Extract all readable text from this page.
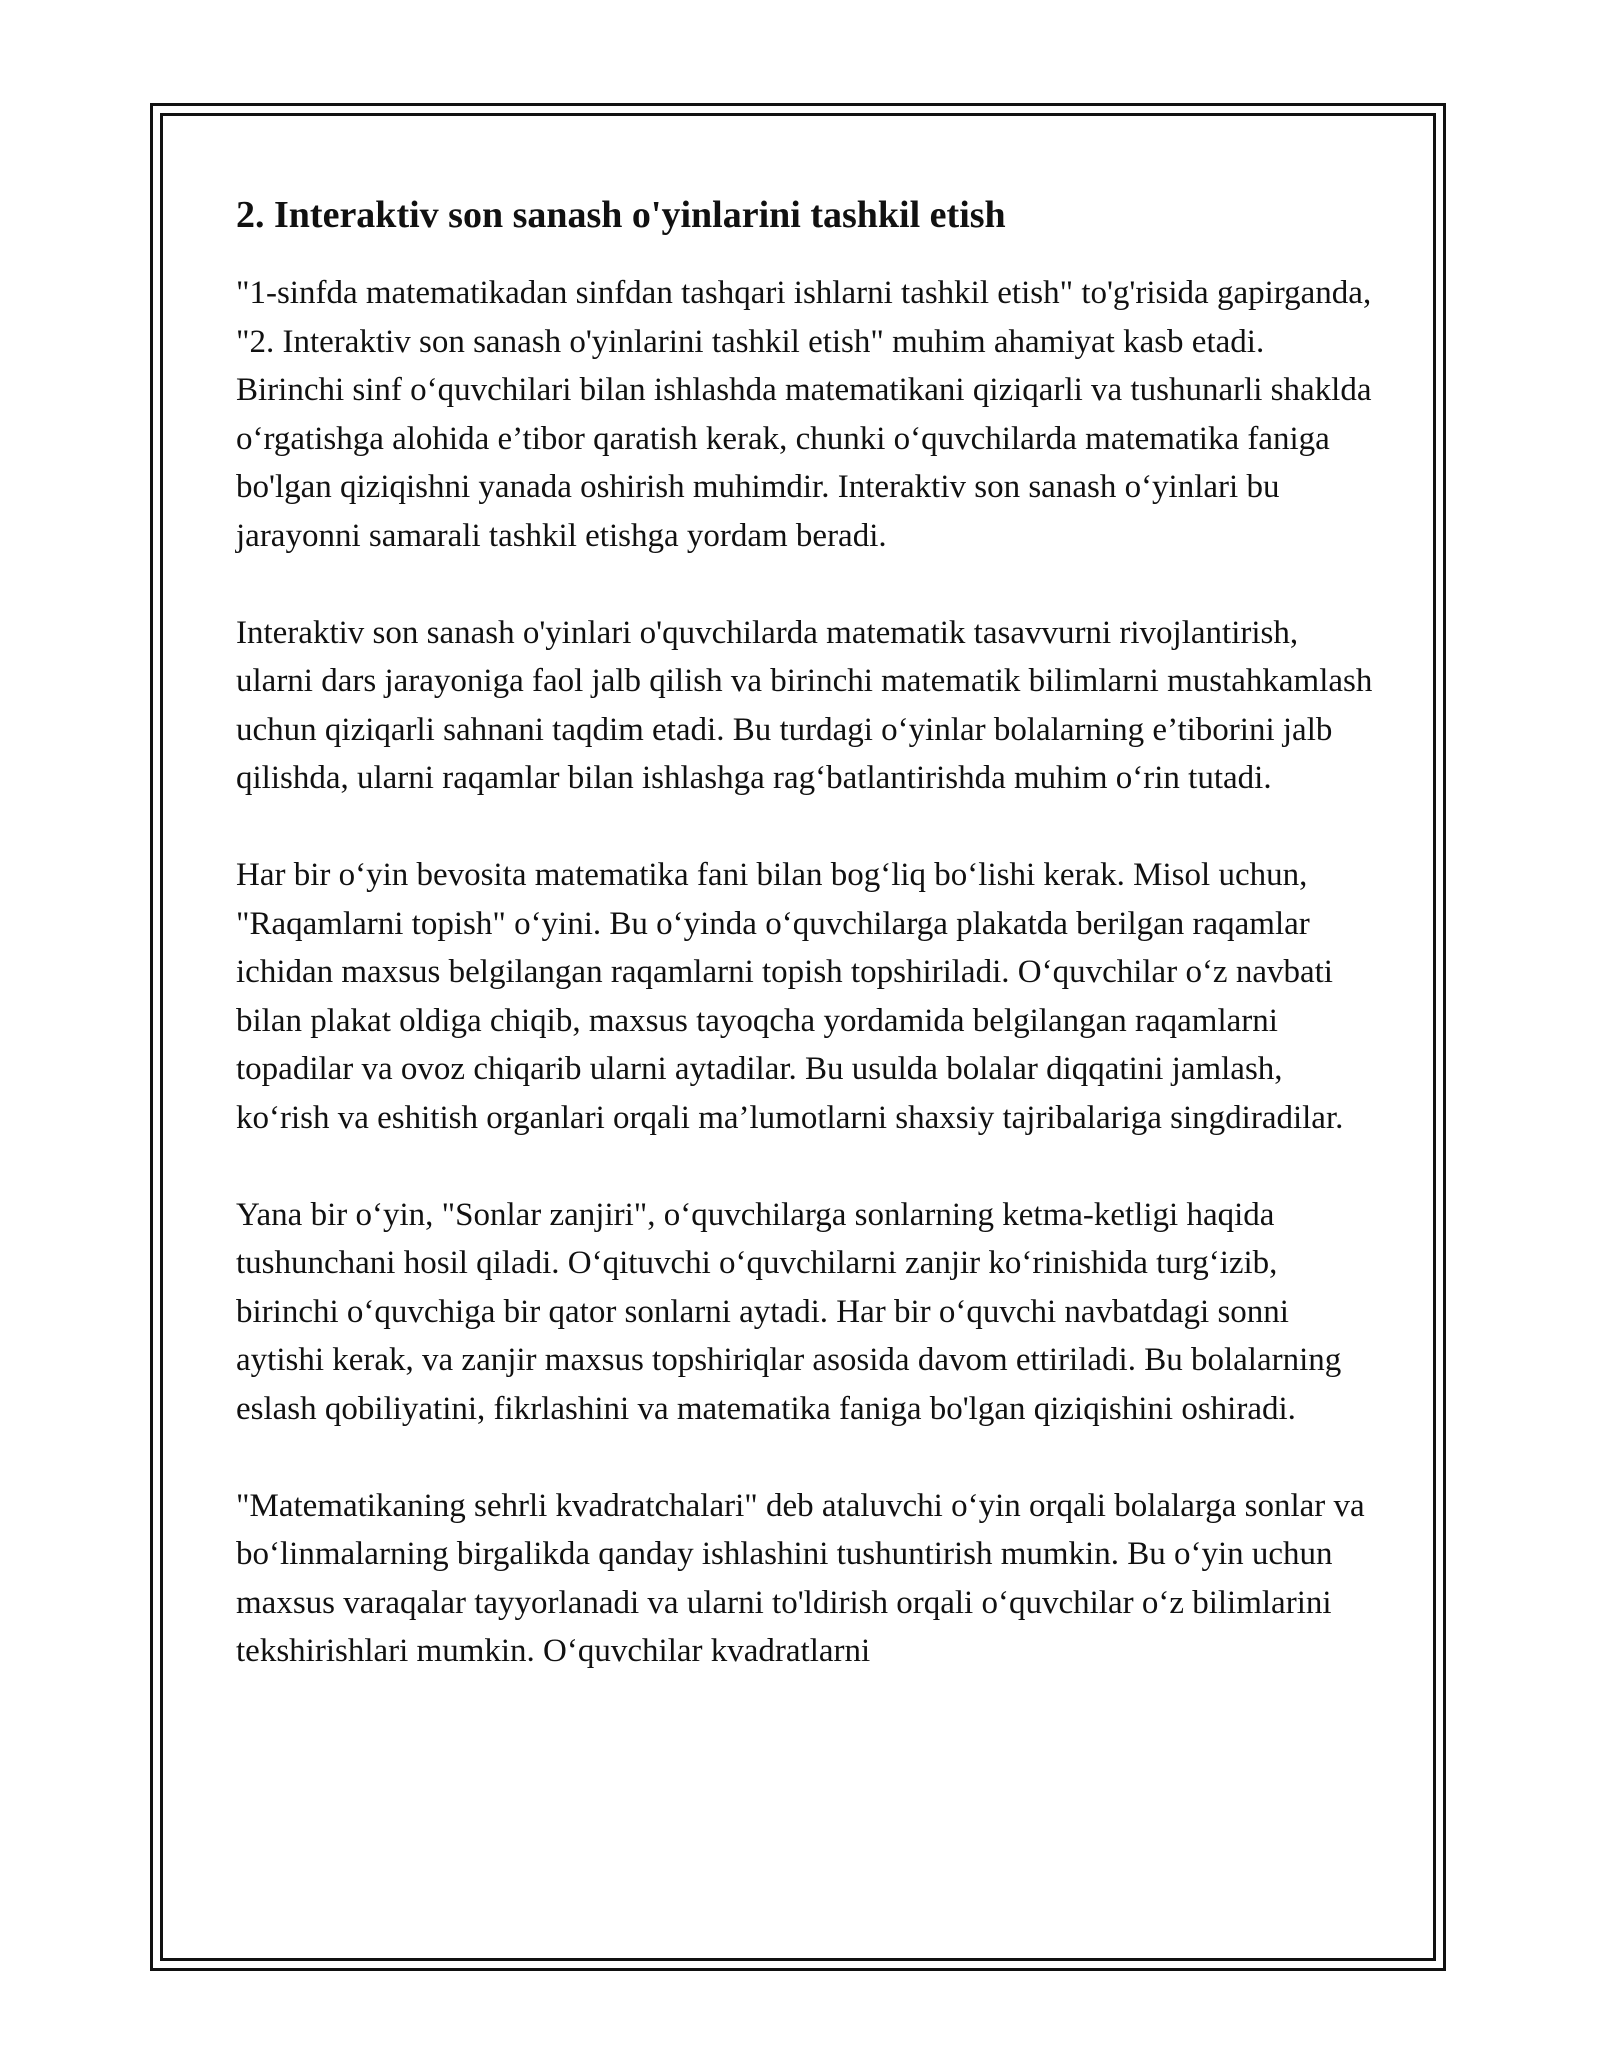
2. Interaktiv son sanash o'yinlarini tashkil etish

"1-sinfda matematikadan sinfdan tashqari ishlarni tashkil etish" to'g'risida gapirganda, "2. Interaktiv son sanash o'yinlarini tashkil etish" muhim ahamiyat kasb etadi. Birinchi sinf o‘quvchilari bilan ishlashda matematikani qiziqarli va tushunarli shaklda o‘rgatishga alohida e’tibor qaratish kerak, chunki o‘quvchilarda matematika faniga bo'lgan qiziqishni yanada oshirish muhimdir. Interaktiv son sanash o‘yinlari bu jarayonni samarali tashkil etishga yordam beradi.

Interaktiv son sanash o'yinlari o'quvchilarda matematik tasavvurni rivojlantirish, ularni dars jarayoniga faol jalb qilish va birinchi matematik bilimlarni mustahkamlash uchun qiziqarli sahnani taqdim etadi. Bu turdagi o‘yinlar bolalarning e’tiborini jalb qilishda, ularni raqamlar bilan ishlashga rag‘batlantirishda muhim o‘rin tutadi.

Har bir o‘yin bevosita matematika fani bilan bog‘liq bo‘lishi kerak. Misol uchun, "Raqamlarni topish" o‘yini. Bu o‘yinda o‘quvchilarga plakatda berilgan raqamlar ichidan maxsus belgilangan raqamlarni topish topshiriladi. O‘quvchilar o‘z navbati bilan plakat oldiga chiqib, maxsus tayoqcha yordamida belgilangan raqamlarni topadilar va ovoz chiqarib ularni aytadilar. Bu usulda bolalar diqqatini jamlash, ko‘rish va eshitish organlari orqali ma’lumotlarni shaxsiy tajribalariga singdiradilar.

Yana bir o‘yin, "Sonlar zanjiri", o‘quvchilarga sonlarning ketma-ketligi haqida tushunchani hosil qiladi. O‘qituvchi o‘quvchilarni zanjir ko‘rinishida turg‘izib, birinchi o‘quvchiga bir qator sonlarni aytadi. Har bir o‘quvchi navbatdagi sonni aytishi kerak, va zanjir maxsus topshiriqlar asosida davom ettiriladi. Bu bolalarning eslash qobiliyatini, fikrlashini va matematika faniga bo'lgan qiziqishini oshiradi.

"Matematikaning sehrli kvadratchalari" deb ataluvchi o‘yin orqali bolalarga sonlar va bo‘linmalarning birgalikda qanday ishlashini tushuntirish mumkin. Bu o‘yin uchun maxsus varaqalar tayyorlanadi va ularni to'ldirish orqali o‘quvchilar o‘z bilimlarini tekshirishlari mumkin. O‘quvchilar kvadratlarni
